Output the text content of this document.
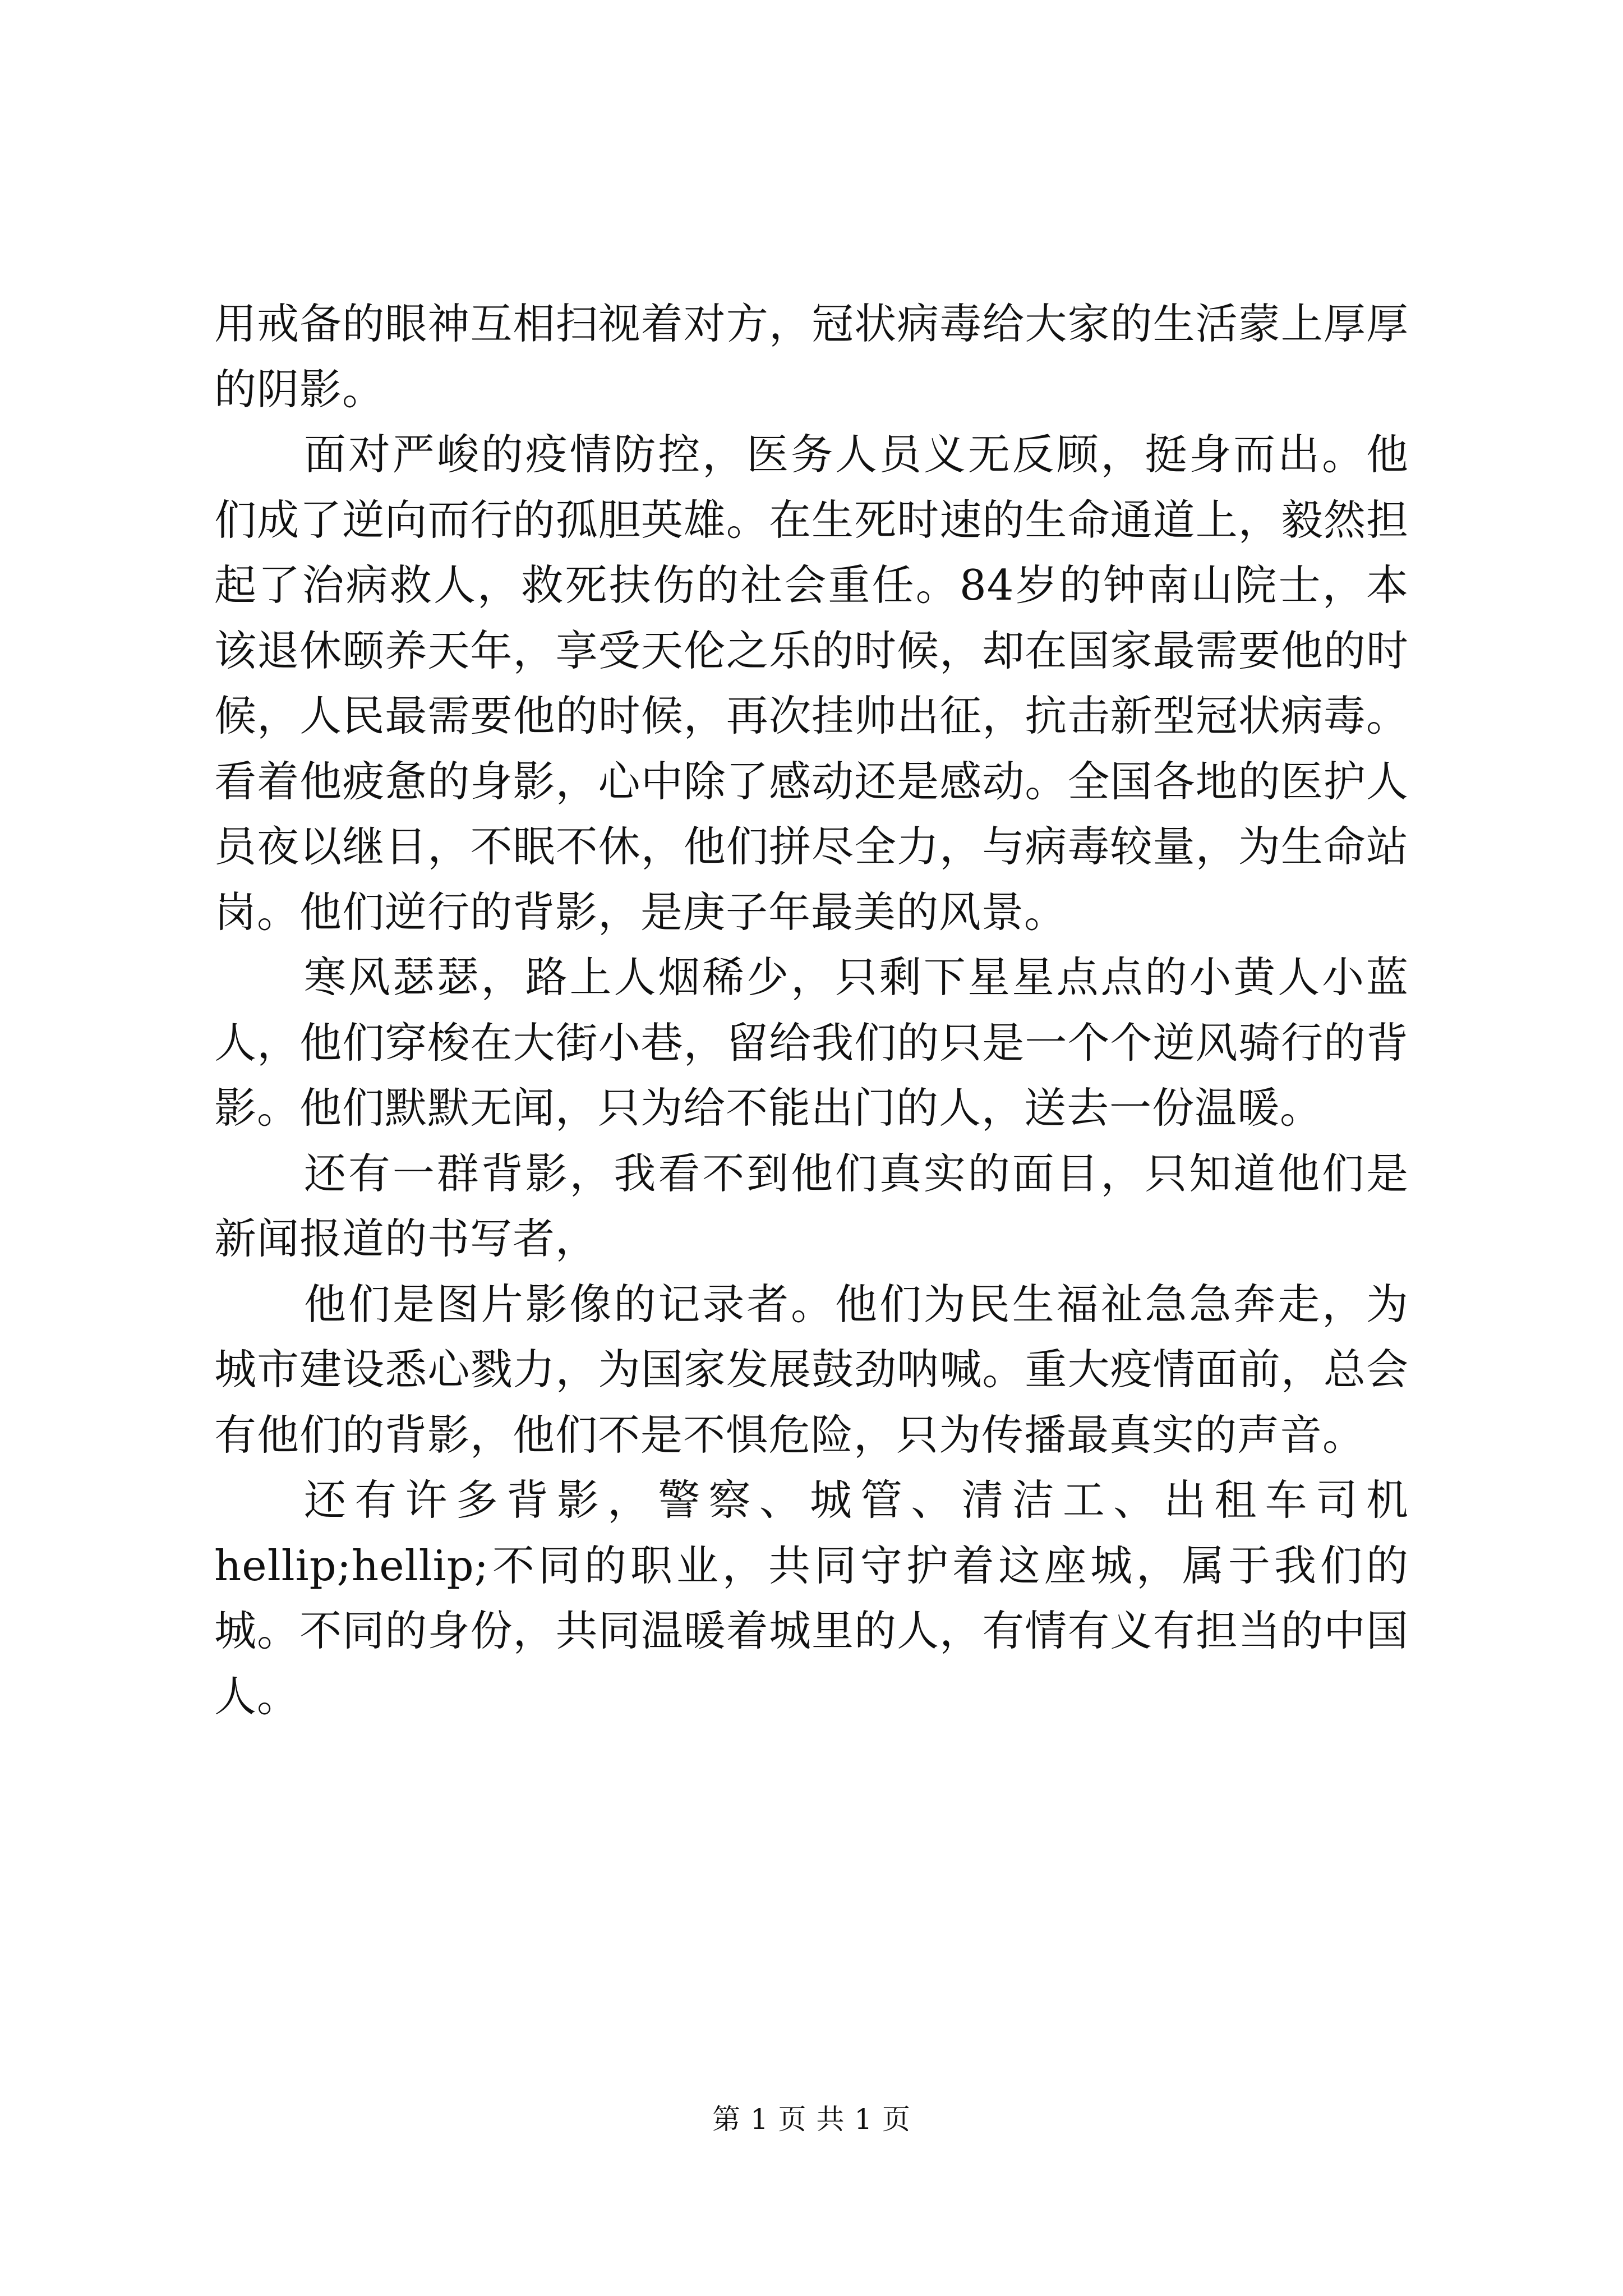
用戒备的眼神互相扫视着对方，冠状病毒给大家的生活蒙上厚厚的阴影。

面对严峻的疫情防控，医务人员义无反顾，挺身而出。他们成了逆向而行的孤胆英雄。在生死时速的生命通道上，毅然担起了治病救人，救死扶伤的社会重任。84岁的钟南山院士，本该退休颐养天年，享受天伦之乐的时候，却在国家最需要他的时候，人民最需要他的时候，再次挂帅出征，抗击新型冠状病毒。看着他疲惫的身影，心中除了感动还是感动。全国各地的医护人员夜以继日，不眠不休，他们拼尽全力，与病毒较量，为生命站岗。他们逆行的背影，是庚子年最美的风景。

寒风瑟瑟，路上人烟稀少，只剩下星星点点的小黄人小蓝人，他们穿梭在大街小巷，留给我们的只是一个个逆风骑行的背影。他们默默无闻，只为给不能出门的人，送去一份温暖。

还有一群背影，我看不到他们真实的面目，只知道他们是新闻报道的书写者，

他们是图片影像的记录者。他们为民生福祉急急奔走，为城市建设悉心戮力，为国家发展鼓劲呐喊。重大疫情面前，总会有他们的背影，他们不是不惧危险，只为传播最真实的声音。

还有许多背影，警察、城管、清洁工、出租车司机hellip;hellip;不同的职业，共同守护着这座城，属于我们的城。不同的身份，共同温暖着城里的人，有情有义有担当的中国人。

第 1 页 共 1 页
